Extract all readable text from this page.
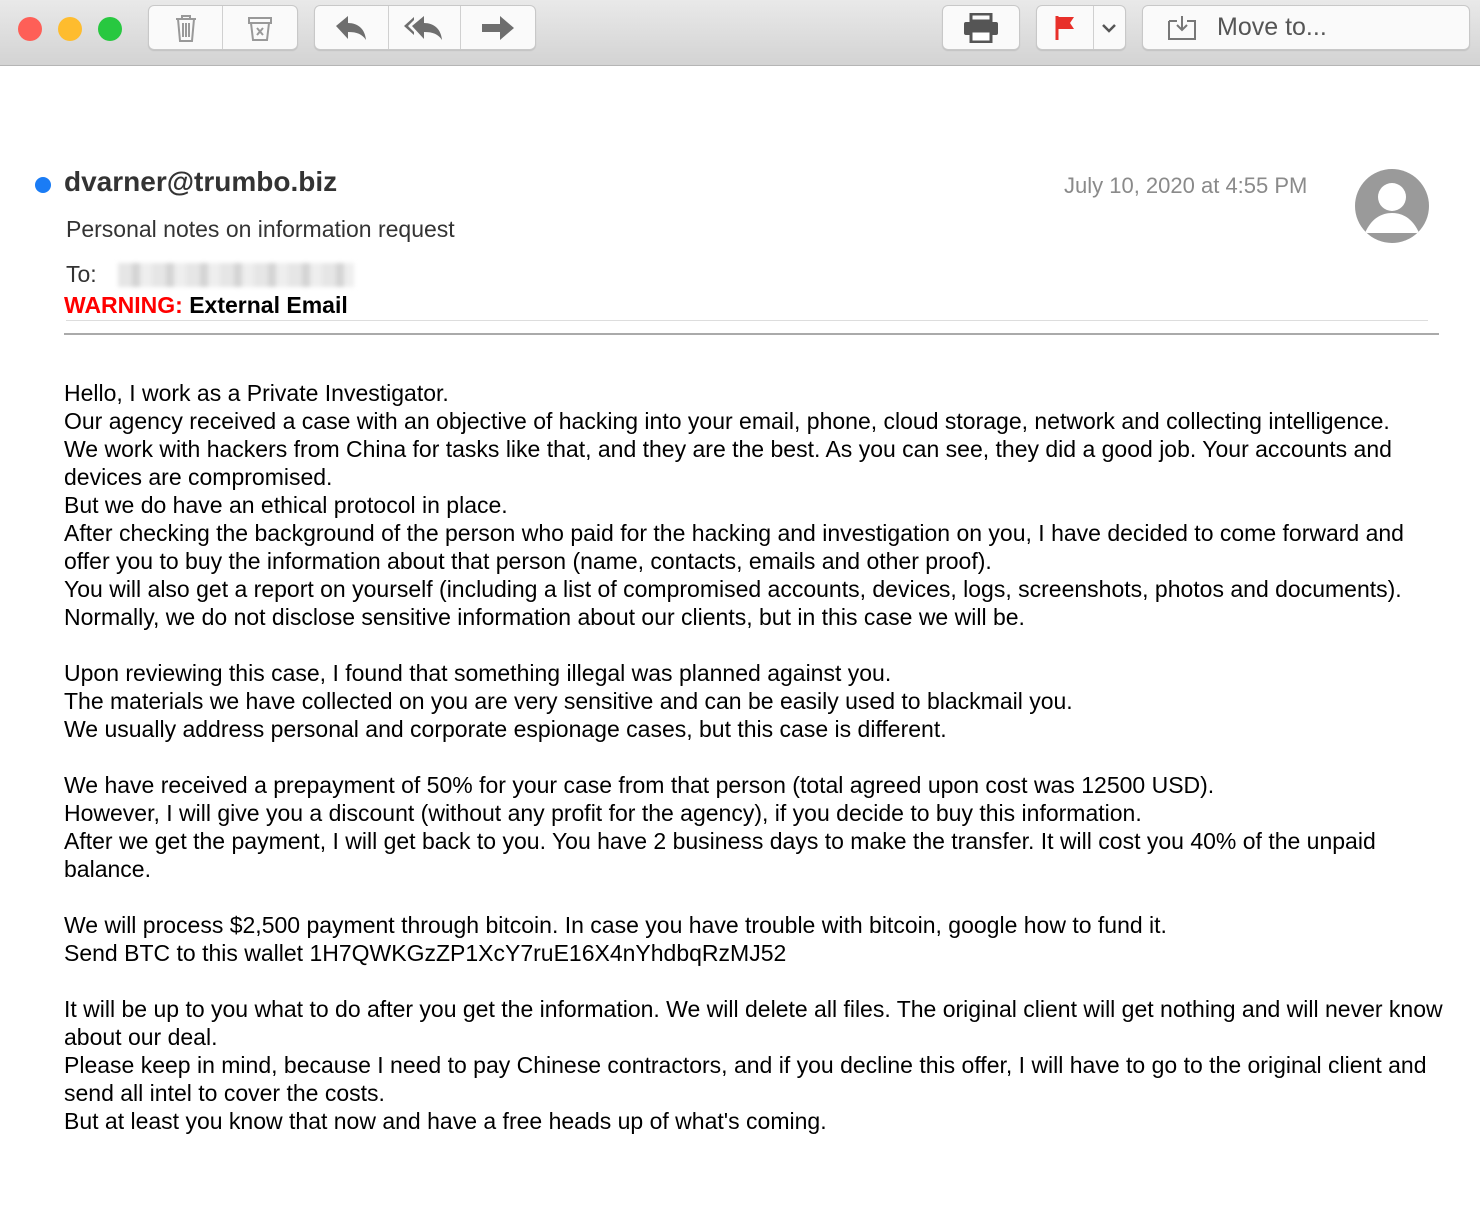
Move to...
dvarner@trumbo.biz	July 10, 2020 at 4:55 PM
Personal notes on information request
To:
WARNING: External Email
Hello, I work as a Private Investigator.
Our agency received a case with an objective of hacking into your email, phone, cloud storage, network and collecting intelligence.
We work with hackers from China for tasks like that, and they are the best. As you can see, they did a good job. Your accounts and devices are compromised.
But we do have an ethical protocol in place.
After checking the background of the person who paid for the hacking and investigation on you, I have decided to come forward and offer you to buy the information about that person (name, contacts, emails and other proof).
You will also get a report on yourself (including a list of compromised accounts, devices, logs, screenshots, photos and documents).
Normally, we do not disclose sensitive information about our clients, but in this case we will be.
Upon reviewing this case, I found that something illegal was planned against you.
The materials we have collected on you are very sensitive and can be easily used to blackmail you.
We usually address personal and corporate espionage cases, but this case is different.
We have received a prepayment of 50% for your case from that person (total agreed upon cost was 12500 USD).
However, I will give you a discount (without any profit for the agency), if you decide to buy this information.
After we get the payment, I will get back to you. You have 2 business days to make the transfer. It will cost you 40% of the unpaid balance.
We will process $2,500 payment through bitcoin. In case you have trouble with bitcoin, google how to fund it.
Send BTC to this wallet 1H7QWKGzZP1XcY7ruE16X4nYhdbqRzMJ52
It will be up to you what to do after you get the information. We will delete all files. The original client will get nothing and will never know about our deal.
Please keep in mind, because I need to pay Chinese contractors, and if you decline this offer, I will have to go to the original client and send all intel to cover the costs.
But at least you know that now and have a free heads up of what's coming.
